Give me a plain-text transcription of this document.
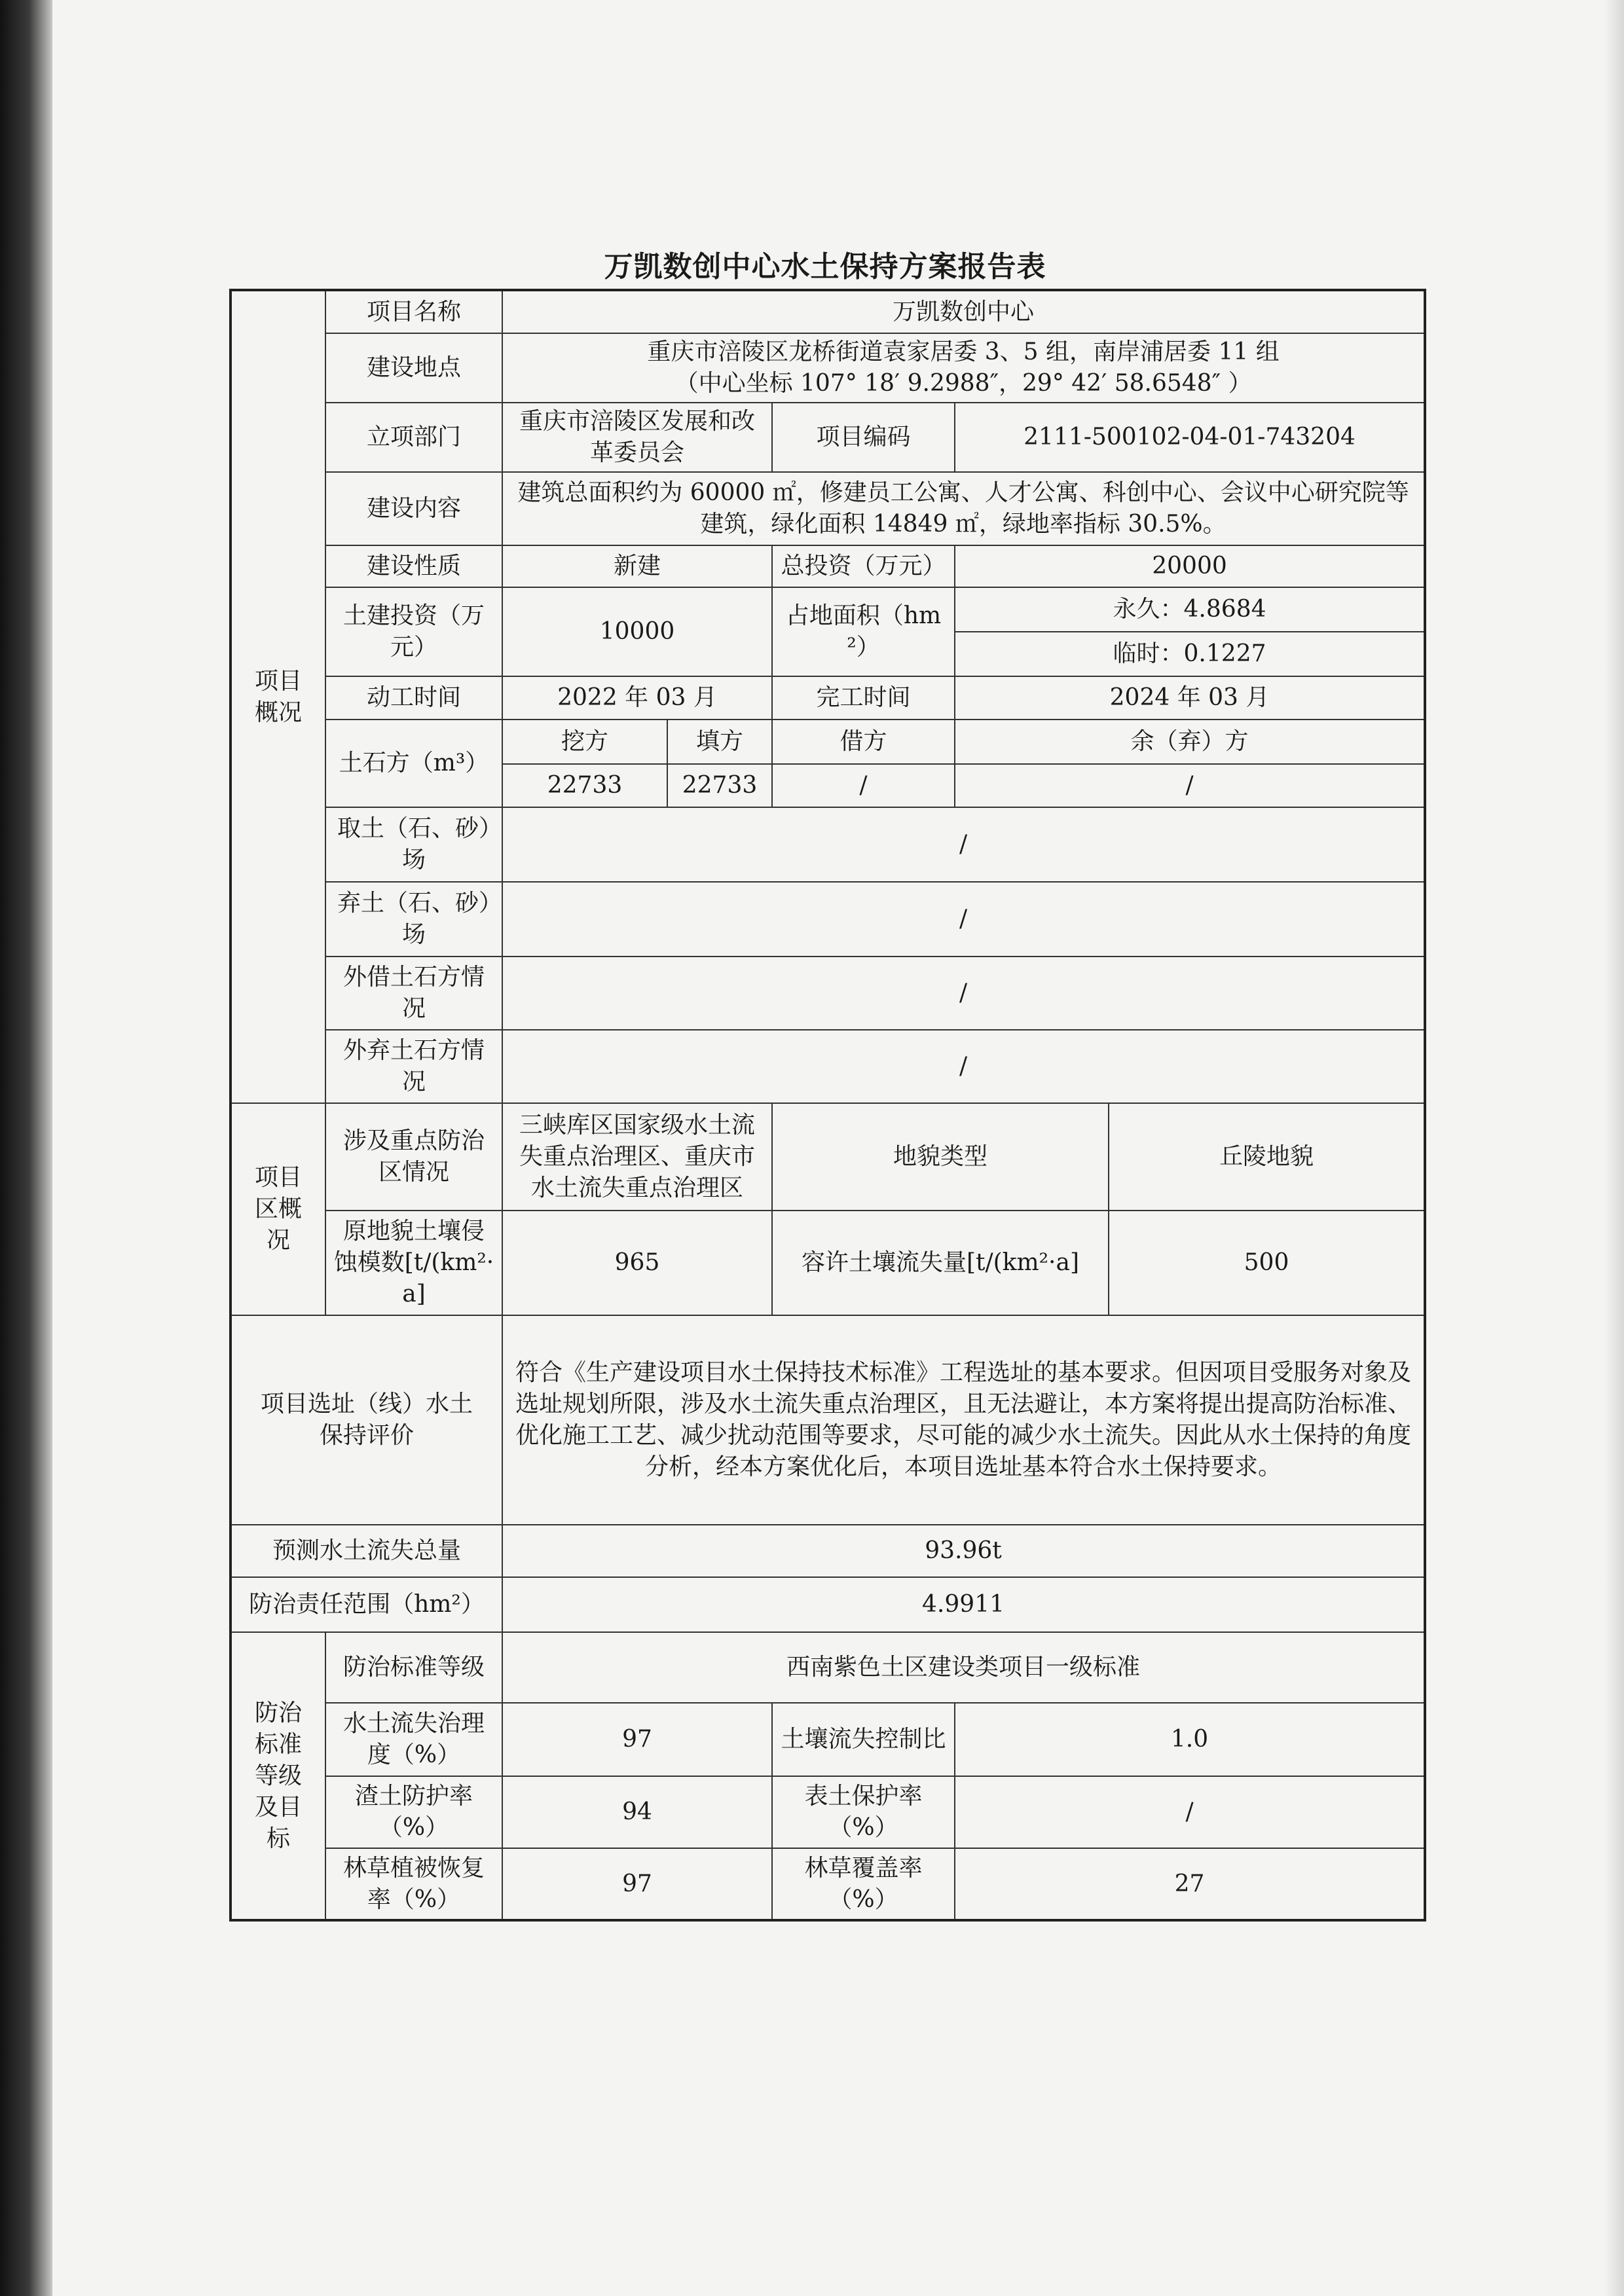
万凯数创中心水土保持方案报告表
项目概况	项目名称	万凯数创中心				
	建设地点	重庆市涪陵区龙桥街道袁家居委 3、5 组，南岸浦居委 11 组
（中心坐标 107° 18′ 9.2988″，29° 42′ 58.6548″ ）				

	立项部门	重庆市涪陵区发展和改革委员会		项目编码	2111-500102-04-01-743204	
	建设内容	建筑总面积约为 60000 ㎡，修建员工公寓、人才公寓、科创中心、会议中心研究院等建筑，绿化面积 14849 ㎡，绿地率指标 30.5%。				
	建设性质	新建		总投资（万元）	20000	
	土建投资（万元）	10000		占地面积（hm²）	永久：4.8684	
					临时：0.1227	
	动工时间	2022 年 03 月		完工时间	2024 年 03 月	
	土石方（m³）	挖方	填方	借方	余（弃）方	
		22733	22733	/	/	
	取土（石、砂）场	/				
	弃土（石、砂）场	/				
	外借土石方情况	/				
	外弃土石方情况	/				

项目区概况	涉及重点防治区情况	三峡库区国家级水土流失重点治理区、重庆市水土流失重点治理区		地貌类型		丘陵地貌
	原地貌土壤侵蚀模数[t/(km²·a]	965		容许土壤流失量[t/(km²·a]		500

项目选址（线）水土保持评价		符合《生产建设项目水土保持技术标准》工程选址的基本要求。但因项目受服务对象及选址规划所限，涉及水土流失重点治理区，且无法避让，本方案将提出提高防治标准、优化施工工艺、减少扰动范围等要求，尽可能的减少水土流失。因此从水土保持的角度分析，经本方案优化后，本项目选址基本符合水土保持要求。				
预测水土流失总量		93.96t				
防治责任范围（hm²）		4.9911				

防治标准等级及目标	防治标准等级	西南紫色土区建设类项目一级标准				
	水土流失治理度（%）	97		土壤流失控制比	1.0	
	渣土防护率（%）	94		表土保护率（%）	/	
	林草植被恢复率（%）	97		林草覆盖率（%）	27	
